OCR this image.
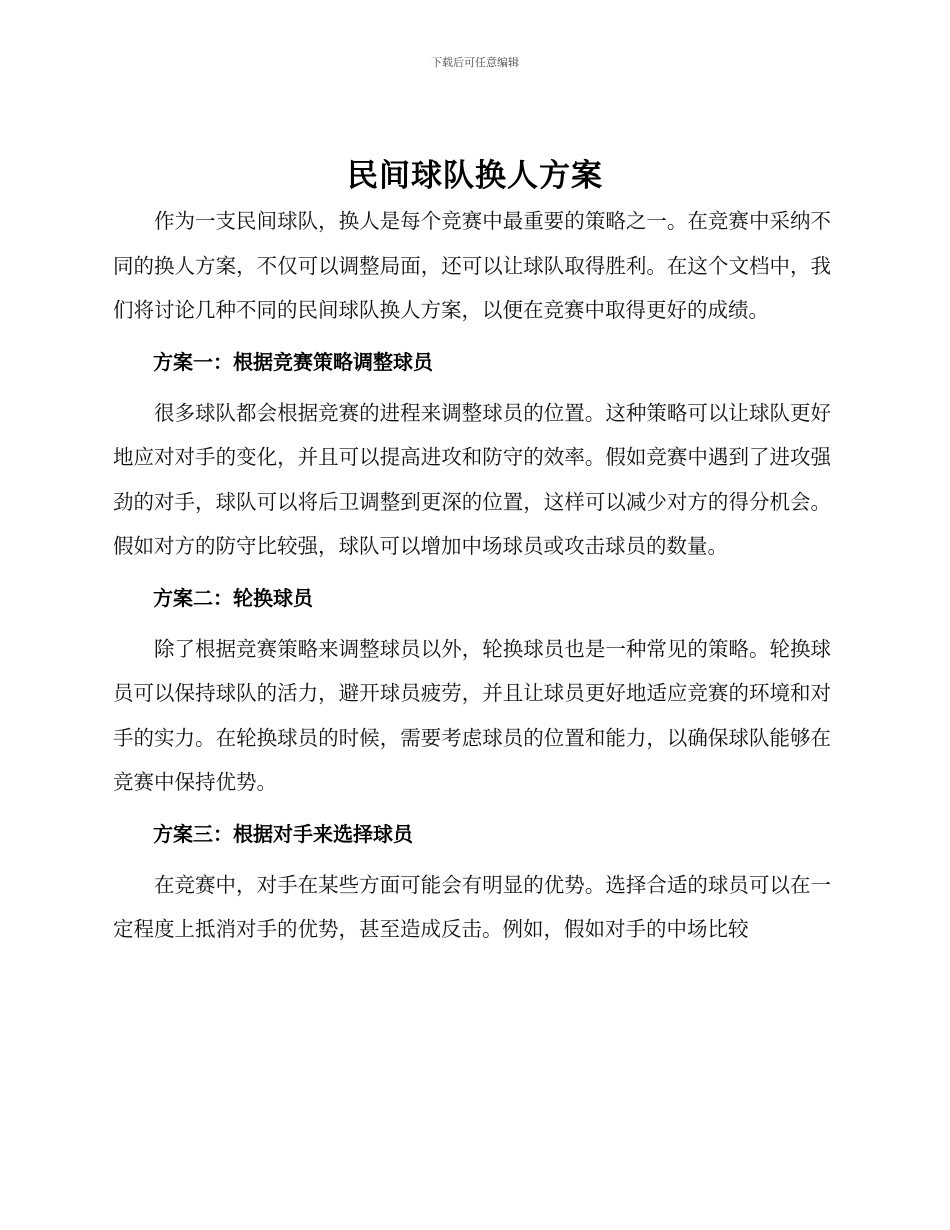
下载后可任意编辑
民间球队换人方案

作为一支民间球队，换人是每个竞赛中最重要的策略之一。在竞赛中采纳不同的换人方案，不仅可以调整局面，还可以让球队取得胜利。在这个文档中，我们将讨论几种不同的民间球队换人方案，以便在竞赛中取得更好的成绩。

方案一：根据竞赛策略调整球员

很多球队都会根据竞赛的进程来调整球员的位置。这种策略可以让球队更好地应对对手的变化，并且可以提高进攻和防守的效率。假如竞赛中遇到了进攻强劲的对手，球队可以将后卫调整到更深的位置，这样可以减少对方的得分机会。假如对方的防守比较强，球队可以增加中场球员或攻击球员的数量。

方案二：轮换球员

除了根据竞赛策略来调整球员以外，轮换球员也是一种常见的策略。轮换球员可以保持球队的活力，避开球员疲劳，并且让球员更好地适应竞赛的环境和对手的实力。在轮换球员的时候，需要考虑球员的位置和能力，以确保球队能够在竞赛中保持优势。

方案三：根据对手来选择球员

在竞赛中，对手在某些方面可能会有明显的优势。选择合适的球员可以在一定程度上抵消对手的优势，甚至造成反击。例如，假如对手的中场比较
